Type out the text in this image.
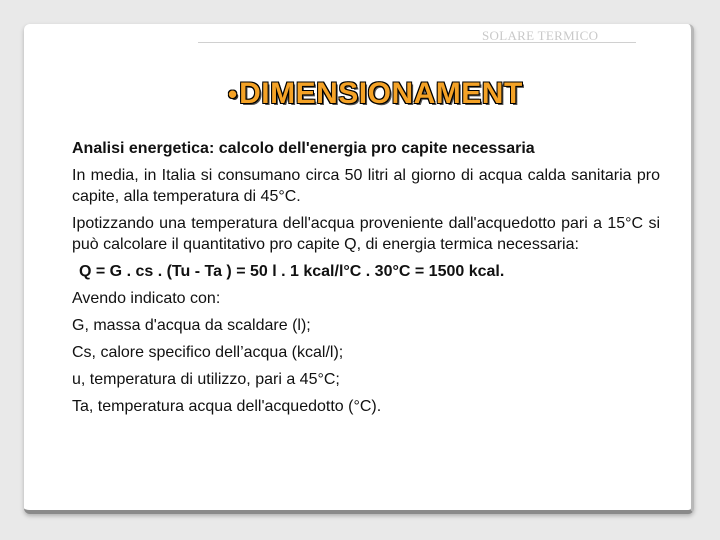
SOLARE TERMICO
• DIMENSIONAMENT

Analisi energetica: calcolo dell'energia pro capite necessaria

In media, in Italia si consumano circa 50 litri al giorno di acqua calda sanitaria pro capite, alla temperatura di 45°C.

Ipotizzando una temperatura dell'acqua proveniente dall'acquedotto pari a 15°C si può calcolare il quantitativo pro capite Q, di energia termica necessaria:

Q = G . cs . (Tu - Ta ) = 50 l . 1 kcal/l°C . 30°C = 1500 kcal.

Avendo indicato con:

G, massa d'acqua da scaldare (l);

Cs, calore specifico dell’acqua (kcal/l);

u, temperatura di utilizzo, pari a 45°C;

Ta, temperatura acqua dell'acquedotto (°C).
